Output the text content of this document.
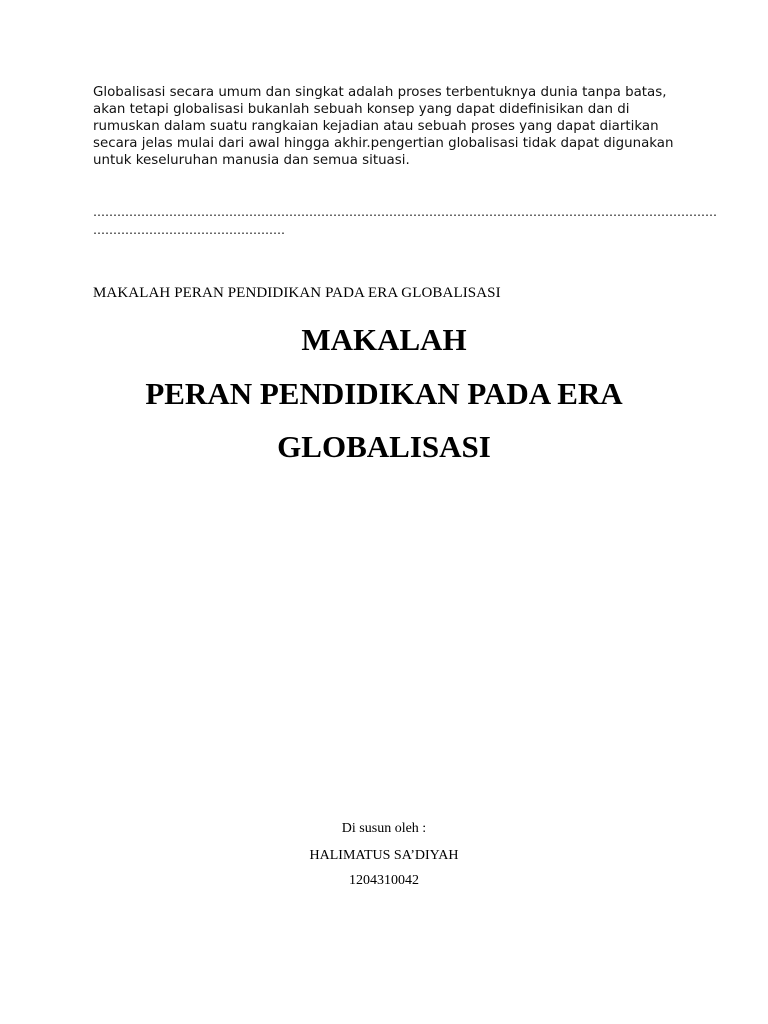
Globalisasi secara umum dan singkat adalah proses terbentuknya dunia tanpa batas, akan tetapi globalisasi bukanlah sebuah konsep yang dapat didefinisikan dan di rumuskan dalam suatu rangkaian kejadian atau sebuah proses yang dapat diartikan secara jelas mulai dari awal hingga akhir.pengertian globalisasi tidak dapat digunakan untuk keseluruhan manusia dan semua situasi.

…………………………………………………………………………………………………………………………………………

…………………………………………

MAKALAH PERAN PENDIDIKAN PADA ERA GLOBALISASI

MAKALAH
PERAN PENDIDIKAN PADA ERA
GLOBALISASI

Di susun oleh :

HALIMATUS SA’DIYAH

1204310042
